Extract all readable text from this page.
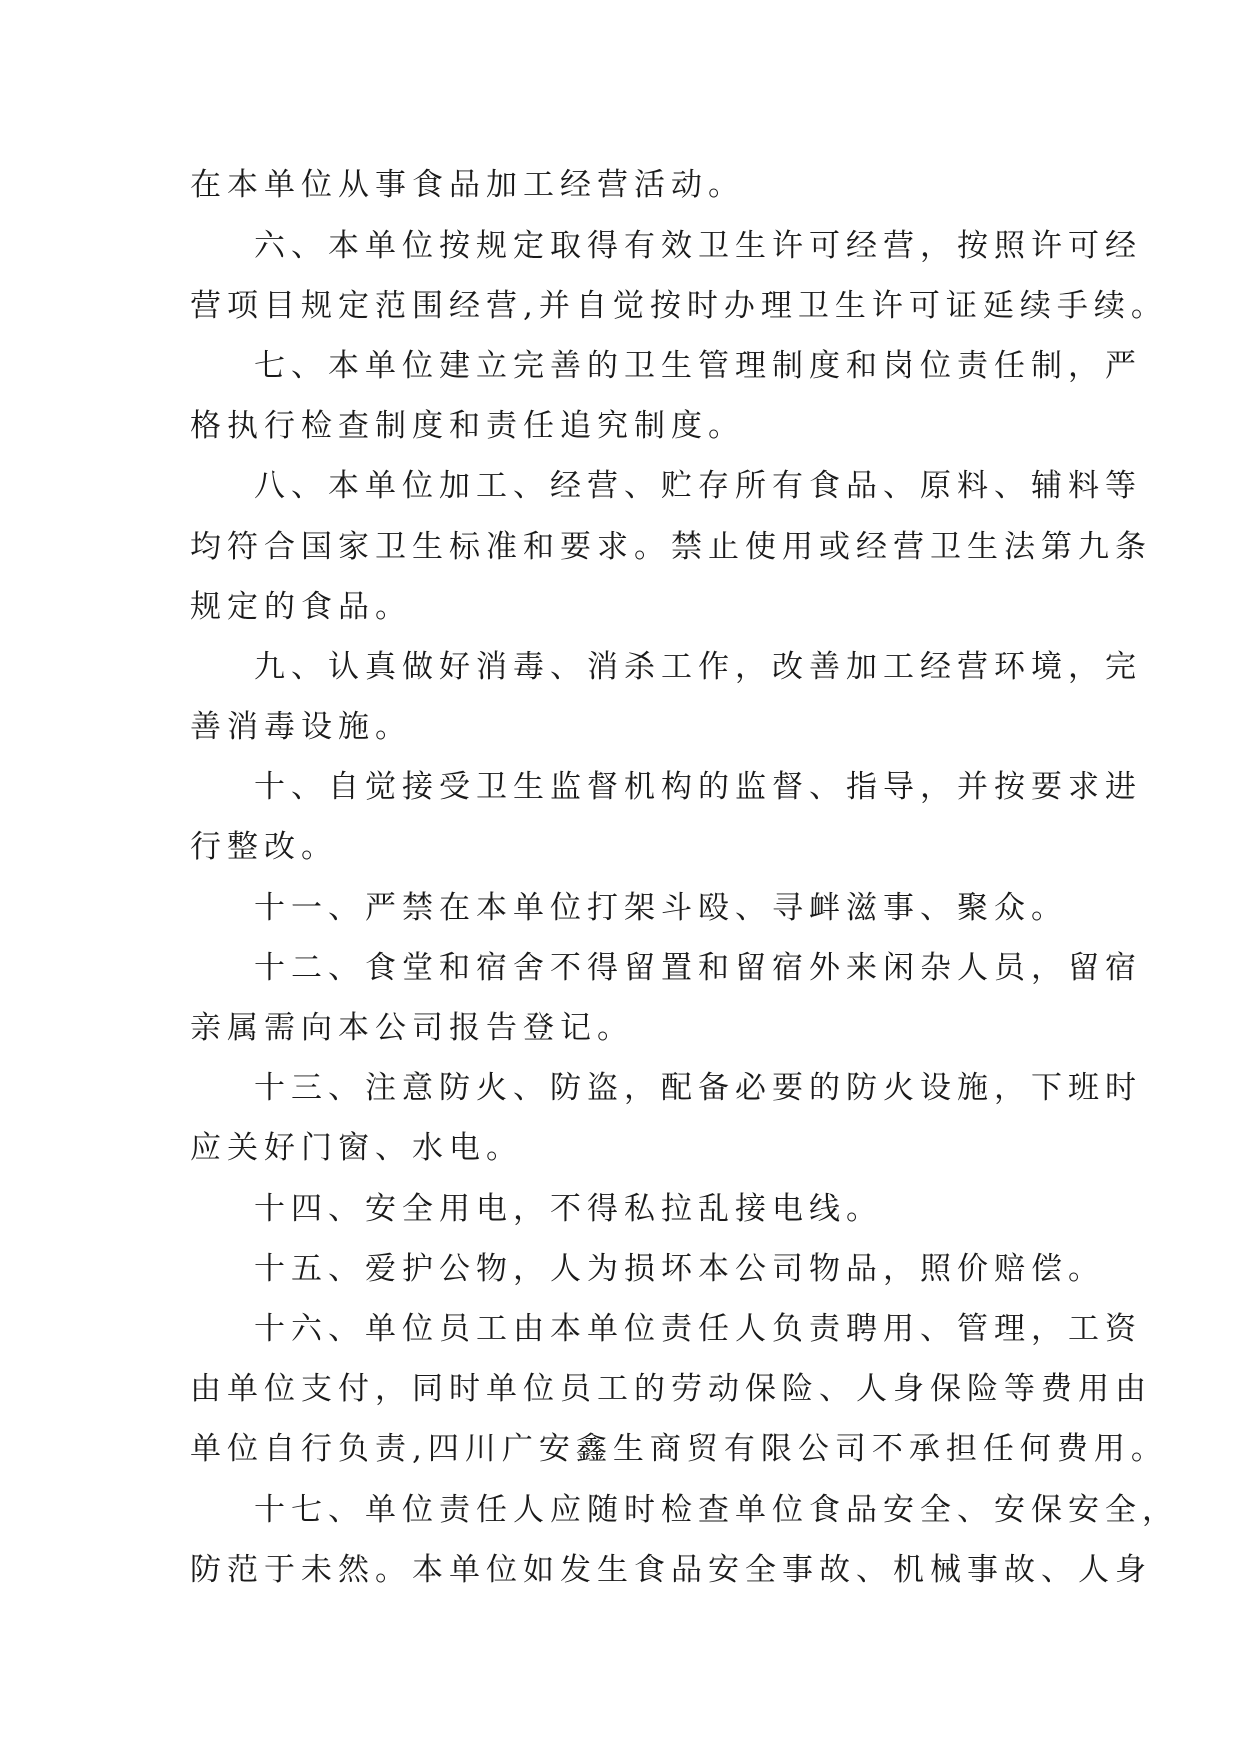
在本单位从事食品加工经营活动。
六、本单位按规定取得有效卫生许可经营，按照许可经
营项目规定范围经营,并自觉按时办理卫生许可证延续手续。
七、本单位建立完善的卫生管理制度和岗位责任制，严
格执行检查制度和责任追究制度。
八、本单位加工、经营、贮存所有食品、原料、辅料等
均符合国家卫生标准和要求。禁止使用或经营卫生法第九条
规定的食品。
九、认真做好消毒、消杀工作，改善加工经营环境，完
善消毒设施。
十、自觉接受卫生监督机构的监督、指导，并按要求进
行整改。
十一、严禁在本单位打架斗殴、寻衅滋事、聚众。
十二、食堂和宿舍不得留置和留宿外来闲杂人员，留宿
亲属需向本公司报告登记。
十三、注意防火、防盗，配备必要的防火设施，下班时
应关好门窗、水电。
十四、安全用电，不得私拉乱接电线。
十五、爱护公物，人为损坏本公司物品，照价赔偿。
十六、单位员工由本单位责任人负责聘用、管理，工资
由单位支付，同时单位员工的劳动保险、人身保险等费用由
单位自行负责,四川广安鑫生商贸有限公司不承担任何费用。
十七、单位责任人应随时检查单位食品安全、安保安全，
防范于未然。本单位如发生食品安全事故、机械事故、人身
